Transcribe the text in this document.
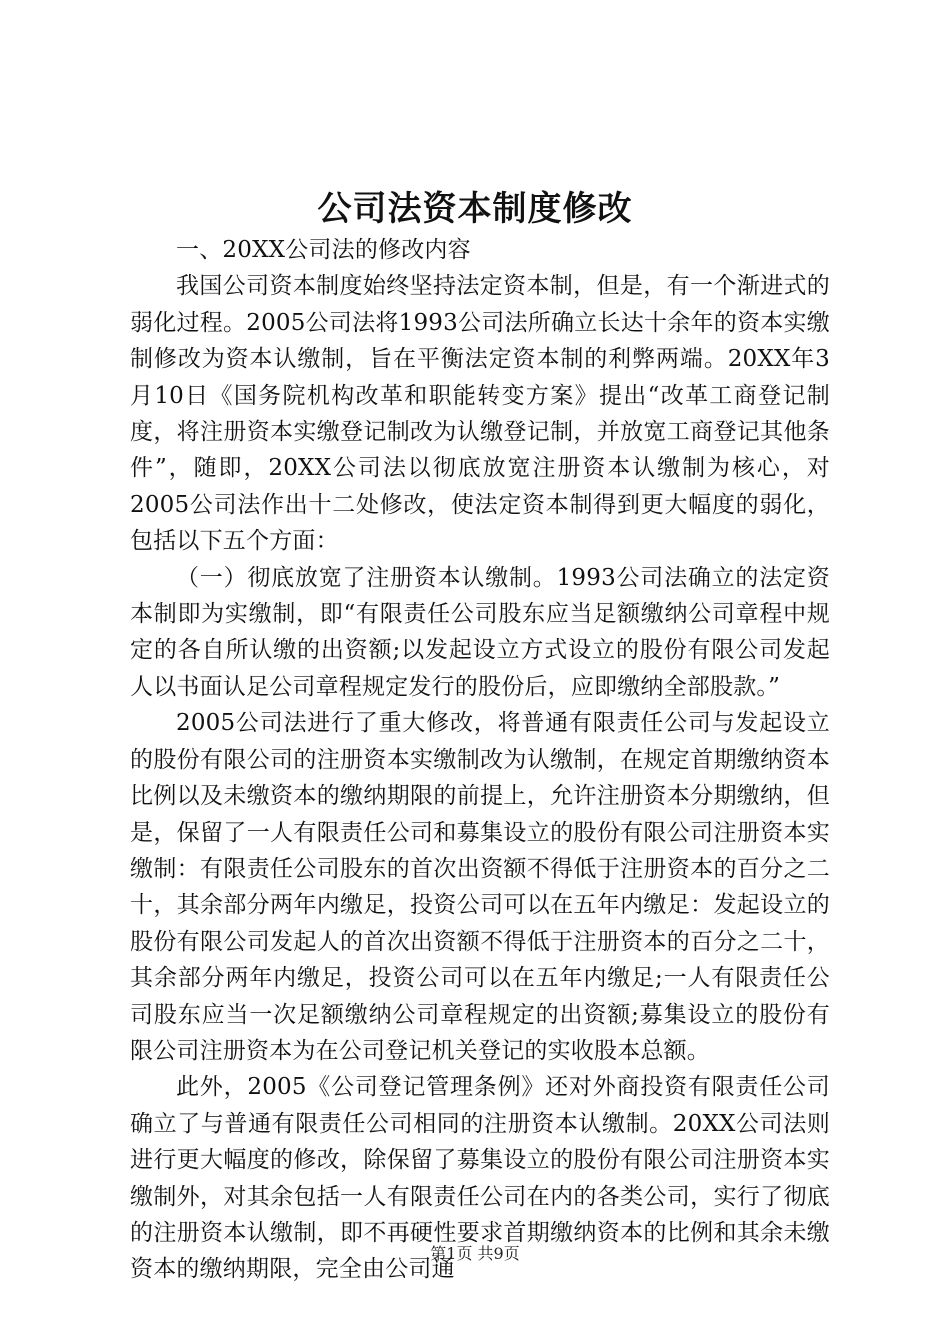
公司法资本制度修改

一、20XX公司法的修改内容

我国公司资本制度始终坚持法定资本制，但是，有一个渐进式的弱化过程。2005公司法将1993公司法所确立长达十余年的资本实缴制修改为资本认缴制，旨在平衡法定资本制的利弊两端。20XX年3月10日《国务院机构改革和职能转变方案》提出“改革工商登记制度，将注册资本实缴登记制改为认缴登记制，并放宽工商登记其他条件”，随即，20XX公司法以彻底放宽注册资本认缴制为核心，对2005公司法作出十二处修改，使法定资本制得到更大幅度的弱化，包括以下五个方面：

（一）彻底放宽了注册资本认缴制。1993公司法确立的法定资本制即为实缴制，即“有限责任公司股东应当足额缴纳公司章程中规定的各自所认缴的出资额;以发起设立方式设立的股份有限公司发起人以书面认足公司章程规定发行的股份后，应即缴纳全部股款。”

2005公司法进行了重大修改，将普通有限责任公司与发起设立的股份有限公司的注册资本实缴制改为认缴制，在规定首期缴纳资本比例以及未缴资本的缴纳期限的前提上，允许注册资本分期缴纳，但是，保留了一人有限责任公司和募集设立的股份有限公司注册资本实缴制：有限责任公司股东的首次出资额不得低于注册资本的百分之二十，其余部分两年内缴足，投资公司可以在五年内缴足：发起设立的股份有限公司发起人的首次出资额不得低于注册资本的百分之二十，其余部分两年内缴足，投资公司可以在五年内缴足;一人有限责任公司股东应当一次足额缴纳公司章程规定的出资额;募集设立的股份有限公司注册资本为在公司登记机关登记的实收股本总额。

此外，2005《公司登记管理条例》还对外商投资有限责任公司确立了与普通有限责任公司相同的注册资本认缴制。20XX公司法则进行更大幅度的修改，除保留了募集设立的股份有限公司注册资本实缴制外，对其余包括一人有限责任公司在内的各类公司，实行了彻底的注册资本认缴制，即不再硬性要求首期缴纳资本的比例和其余未缴资本的缴纳期限，完全由公司通

第1页 共9页
